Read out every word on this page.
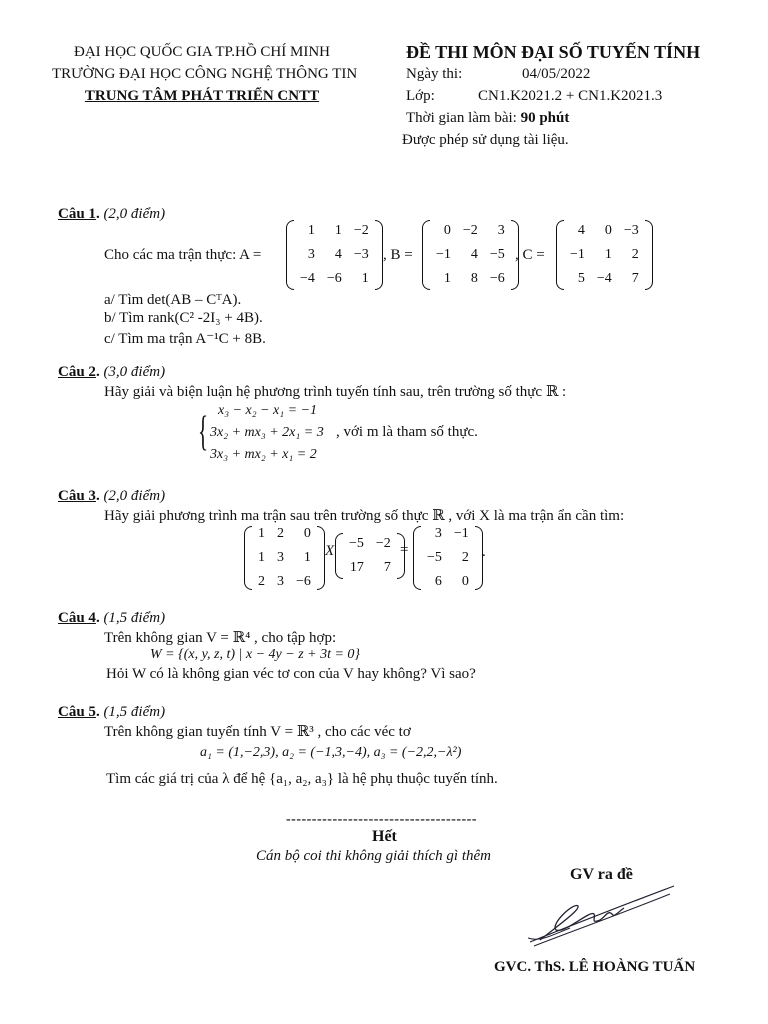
ĐẠI HỌC QUỐC GIA TP.HỒ CHÍ MINH
TRƯỜNG ĐẠI HỌC CÔNG NGHỆ THÔNG TIN
TRUNG TÂM PHÁT TRIỂN CNTT
ĐỀ THI MÔN ĐẠI SỐ TUYẾN TÍNH
Ngày thi:	04/05/2022
Lớp:	CN1.K2021.2 + CN1.K2021.3
Thời gian làm bài: 90 phút
Được phép sử dụng tài liệu.
Câu 1. (2,0 điểm)
Cho các ma trận thực: A =
1	1	−2
3	4	−3
−4	−6	1
, B =
0	−2	3
−1	4	−5
1	8	−6
, C =
4	0	−3
−1	1	2
5	−4	7
a/ Tìm det(AB – CᵀA).
b/ Tìm rank(C² -2I₃ + 4B).
c/ Tìm ma trận A⁻¹C + 8B.
Câu 2. (3,0 điểm)
Hãy giải và biện luận hệ phương trình tuyến tính sau, trên trường số thực ℝ :
{ x₃ − x₂ − x₁ = −1
3x₂ + mx₃ + 2x₁ = 3
3x₃ + mx₂ + x₁ = 2
, với m là tham số thực.
Câu 3. (2,0 điểm)
Hãy giải phương trình ma trận sau trên trường số thực ℝ , với X là ma trận ẩn cần tìm:
1	2	0
1	3	1
2	3	−6
X −5	−2
17	7
=
3	−1
−5	2
6	0
.
Câu 4. (1,5 điểm)
Trên không gian V = ℝ⁴ , cho tập hợp:
W = {(x, y, z, t) | x − 4y − z + 3t = 0}
Hỏi W có là không gian véc tơ con của V hay không? Vì sao?
Câu 5. (1,5 điểm)
Trên không gian tuyến tính V = ℝ³ , cho các véc tơ
a₁ = (1,−2,3), a₂ = (−1,3,−4), a₃ = (−2,2,−λ²)
Tìm các giá trị của λ để hệ {a₁, a₂, a₃} là hệ phụ thuộc tuyến tính.
-------------------------------------
Hết
Cán bộ coi thi không giải thích gì thêm
GV ra đề
GVC. ThS. LÊ HOÀNG TUẤN
